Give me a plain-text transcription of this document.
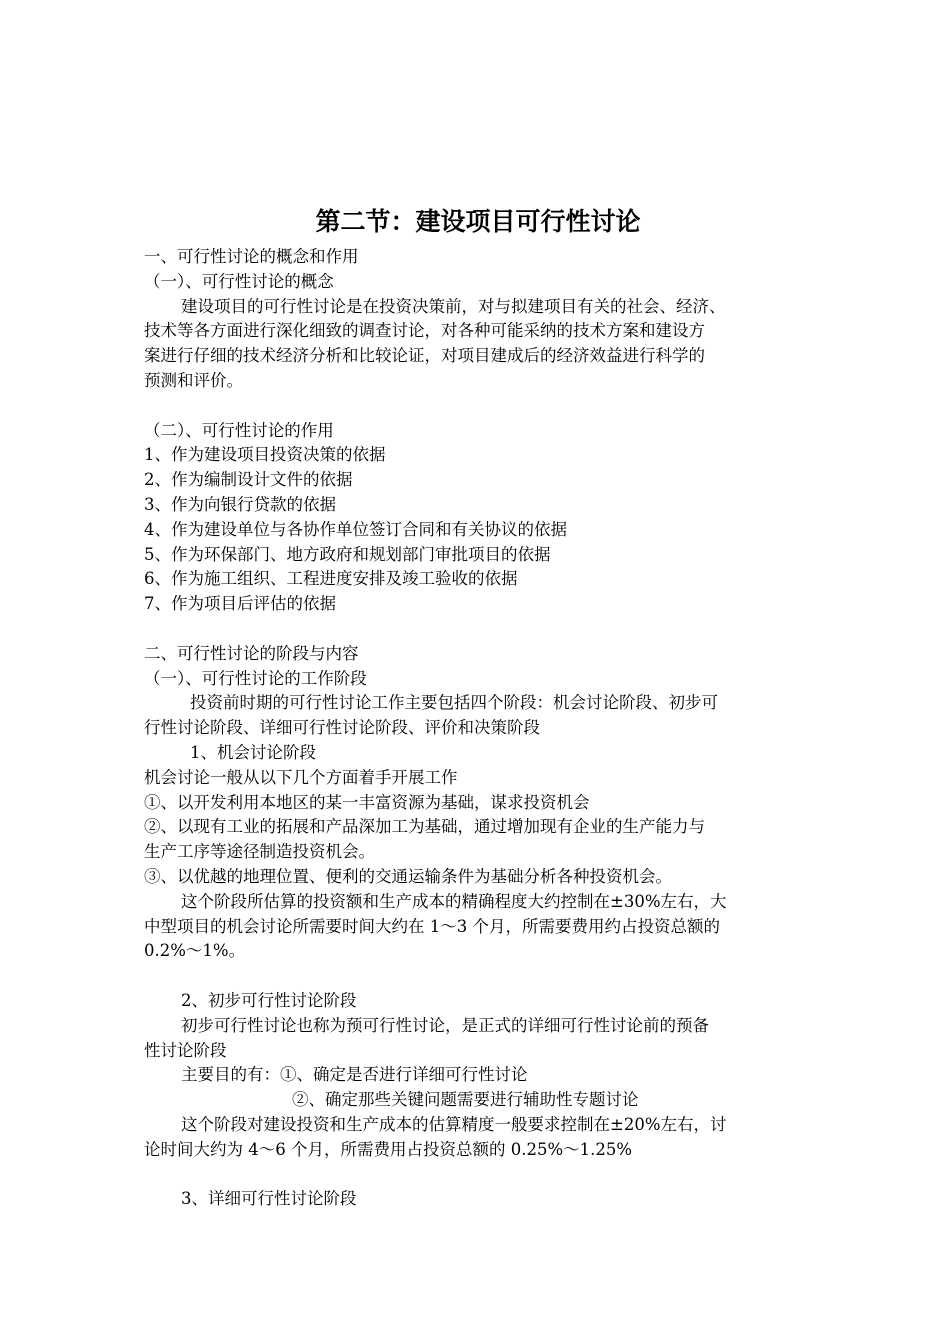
第二节：建设项目可行性讨论
一、可行性讨论的概念和作用
（一）、可行性讨论的概念
建设项目的可行性讨论是在投资决策前，对与拟建项目有关的社会、经济、
技术等各方面进行深化细致的调查讨论，对各种可能采纳的技术方案和建设方
案进行仔细的技术经济分析和比较论证，对项目建成后的经济效益进行科学的
预测和评价。
（二）、可行性讨论的作用
1、作为建设项目投资决策的依据
2、作为编制设计文件的依据
3、作为向银行贷款的依据
4、作为建设单位与各协作单位签订合同和有关协议的依据
5、作为环保部门、地方政府和规划部门审批项目的依据
6、作为施工组织、工程进度安排及竣工验收的依据
7、作为项目后评估的依据
二、可行性讨论的阶段与内容
（一）、可行性讨论的工作阶段
投资前时期的可行性讨论工作主要包括四个阶段：机会讨论阶段、初步可
行性讨论阶段、详细可行性讨论阶段、评价和决策阶段
1、机会讨论阶段
机会讨论一般从以下几个方面着手开展工作
①、以开发利用本地区的某一丰富资源为基础，谋求投资机会
②、以现有工业的拓展和产品深加工为基础，通过增加现有企业的生产能力与
生产工序等途径制造投资机会。
③、以优越的地理位置、便利的交通运输条件为基础分析各种投资机会。
这个阶段所估算的投资额和生产成本的精确程度大约控制在±30%左右，大
中型项目的机会讨论所需要时间大约在 1～3 个月，所需要费用约占投资总额的
0.2%～1%。
2、初步可行性讨论阶段
初步可行性讨论也称为预可行性讨论，是正式的详细可行性讨论前的预备
性讨论阶段
主要目的有：①、确定是否进行详细可行性讨论
②、确定那些关键问题需要进行辅助性专题讨论
这个阶段对建设投资和生产成本的估算精度一般要求控制在±20%左右，讨
论时间大约为 4～6 个月，所需费用占投资总额的 0.25%～1.25%
3、详细可行性讨论阶段
